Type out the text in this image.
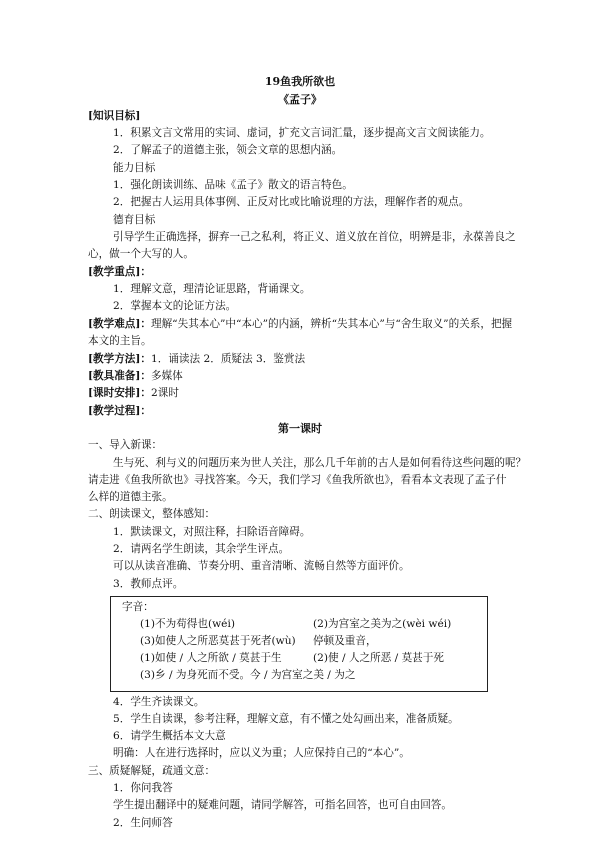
19鱼我所欲也
《孟子》
[知识目标]
1．积累文言文常用的实词、虚词，扩充文言词汇量，逐步提高文言文阅读能力。
2．了解孟子的道德主张，领会文章的思想内涵。
能力目标
1．强化朗读训练、品味《孟子》散文的语言特色。
2．把握古人运用具体事例、正反对比或比喻说理的方法，理解作者的观点。
德育目标
引导学生正确选择，摒弃一己之私利，将正义、道义放在首位，明辨是非，永葆善良之
心，做一个大写的人。
[教学重点]：
1．理解文意，理清论证思路，背诵课文。
2．掌握本文的论证方法。
[教学难点]：理解“失其本心”中“本心”的内涵，辨析“失其本心”与“舍生取义”的关系，把握
本文的主旨。
[教学方法]：1．诵读法 2．质疑法 3．鉴赏法
[教具准备]：多媒体
[课时安排]：2课时
[教学过程]：
第一课时
一、导入新课：
生与死、利与义的问题历来为世人关注，那么几千年前的古人是如何看待这些问题的呢？
请走进《鱼我所欲也》寻找答案。今天，我们学习《鱼我所欲也》，看看本文表现了孟子什
么样的道德主张。
二、朗读课文，整体感知：
1．默读课文，对照注释，扫除语音障碍。
2．请两名学生朗读，其余学生评点。
可以从读音准确、节奏分明、重音清晰、流畅自然等方面评价。
3．教师点评。
字音：
(1)不为苟得也(wéi)	(2)为宫室之美为之(wèi wéi)
(3)如使人之所恶莫甚于死者(wù) 停顿及重音，
(1)如使 / 人之所欲 / 莫甚于生	(2)使 / 人之所恶 / 莫甚于死
(3)乡 / 为身死而不受。今 / 为宫室之美 / 为之
4．学生齐读课文。
5．学生自读课，参考注释，理解文意，有不懂之处勾画出来，准备质疑。
6．请学生概括本文大意
明确：人在进行选择时，应以义为重；人应保持自己的“本心”。
三、质疑解疑，疏通文意：
1．你问我答
学生提出翻译中的疑难问题，请同学解答，可指名回答，也可自由回答。
2．生问师答
